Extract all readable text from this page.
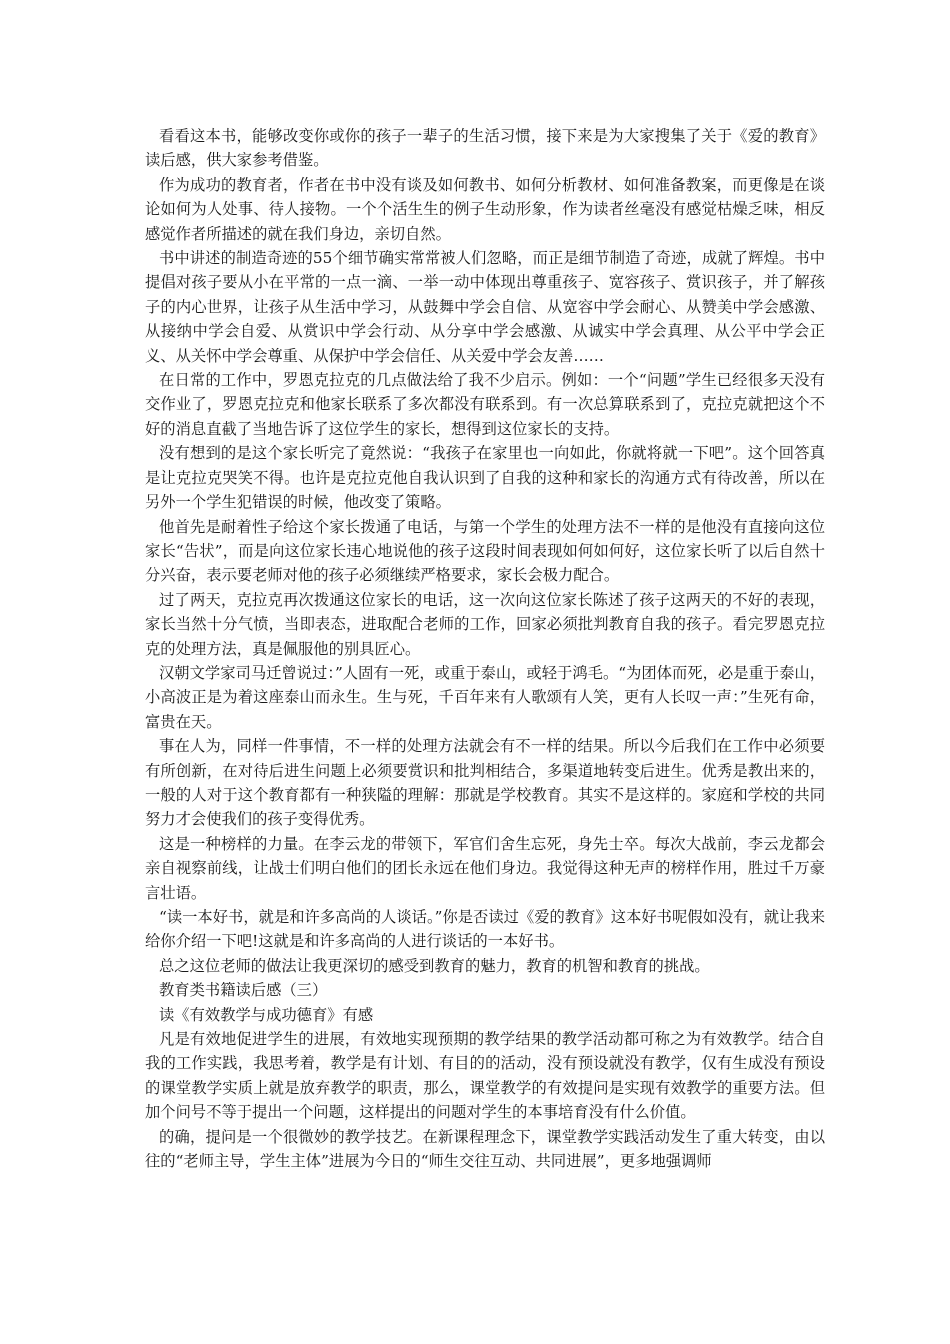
看看这本书，能够改变你或你的孩子一辈子的生活习惯，接下来是为大家搜集了关于《爱的教育》读后感，供大家参考借鉴。

作为成功的教育者，作者在书中没有谈及如何教书、如何分析教材、如何准备教案，而更像是在谈论如何为人处事、待人接物。一个个活生生的例子生动形象，作为读者丝毫没有感觉枯燥乏味，相反感觉作者所描述的就在我们身边，亲切自然。

书中讲述的制造奇迹的55个细节确实常常被人们忽略，而正是细节制造了奇迹，成就了辉煌。书中提倡对孩子要从小在平常的一点一滴、一举一动中体现出尊重孩子、宽容孩子、赏识孩子，并了解孩子的内心世界，让孩子从生活中学习，从鼓舞中学会自信、从宽容中学会耐心、从赞美中学会感激、从接纳中学会自爱、从赏识中学会行动、从分享中学会感激、从诚实中学会真理、从公平中学会正义、从关怀中学会尊重、从保护中学会信任、从关爱中学会友善……

在日常的工作中，罗恩克拉克的几点做法给了我不少启示。例如：一个“问题”学生已经很多天没有交作业了，罗恩克拉克和他家长联系了多次都没有联系到。有一次总算联系到了，克拉克就把这个不好的消息直截了当地告诉了这位学生的家长，想得到这位家长的支持。

没有想到的是这个家长听完了竟然说：“我孩子在家里也一向如此，你就将就一下吧”。这个回答真是让克拉克哭笑不得。也许是克拉克他自我认识到了自我的这种和家长的沟通方式有待改善，所以在另外一个学生犯错误的时候，他改变了策略。

他首先是耐着性子给这个家长拨通了电话，与第一个学生的处理方法不一样的是他没有直接向这位家长“告状”，而是向这位家长违心地说他的孩子这段时间表现如何如何好，这位家长听了以后自然十分兴奋，表示要老师对他的孩子必须继续严格要求，家长会极力配合。

过了两天，克拉克再次拨通这位家长的电话，这一次向这位家长陈述了孩子这两天的不好的表现，家长当然十分气愤，当即表态，进取配合老师的工作，回家必须批判教育自我的孩子。看完罗恩克拉克的处理方法，真是佩服他的别具匠心。

汉朝文学家司马迁曾说过：”人固有一死，或重于泰山，或轻于鸿毛。“为团体而死，必是重于泰山，小高波正是为着这座泰山而永生。生与死，千百年来有人歌颂有人笑，更有人长叹一声：”生死有命，富贵在天。

事在人为，同样一件事情，不一样的处理方法就会有不一样的结果。所以今后我们在工作中必须要有所创新，在对待后进生问题上必须要赏识和批判相结合，多渠道地转变后进生。优秀是教出来的，一般的人对于这个教育都有一种狭隘的理解：那就是学校教育。其实不是这样的。家庭和学校的共同努力才会使我们的孩子变得优秀。

这是一种榜样的力量。在李云龙的带领下，军官们舍生忘死，身先士卒。每次大战前，李云龙都会亲自视察前线，让战士们明白他们的团长永远在他们身边。我觉得这种无声的榜样作用，胜过千万豪言壮语。

“读一本好书，就是和许多高尚的人谈话。”你是否读过《爱的教育》这本好书呢假如没有，就让我来给你介绍一下吧!这就是和许多高尚的人进行谈话的一本好书。

总之这位老师的做法让我更深切的感受到教育的魅力，教育的机智和教育的挑战。

教育类书籍读后感（三）

读《有效教学与成功德育》有感

凡是有效地促进学生的进展，有效地实现预期的教学结果的教学活动都可称之为有效教学。结合自我的工作实践，我思考着，教学是有计划、有目的的活动，没有预设就没有教学，仅有生成没有预设的课堂教学实质上就是放弃教学的职责，那么，课堂教学的有效提问是实现有效教学的重要方法。但加个问号不等于提出一个问题，这样提出的问题对学生的本事培育没有什么价值。

的确，提问是一个很微妙的教学技艺。在新课程理念下，课堂教学实践活动发生了重大转变，由以往的“老师主导，学生主体”进展为今日的“师生交往互动、共同进展”，更多地强调师
